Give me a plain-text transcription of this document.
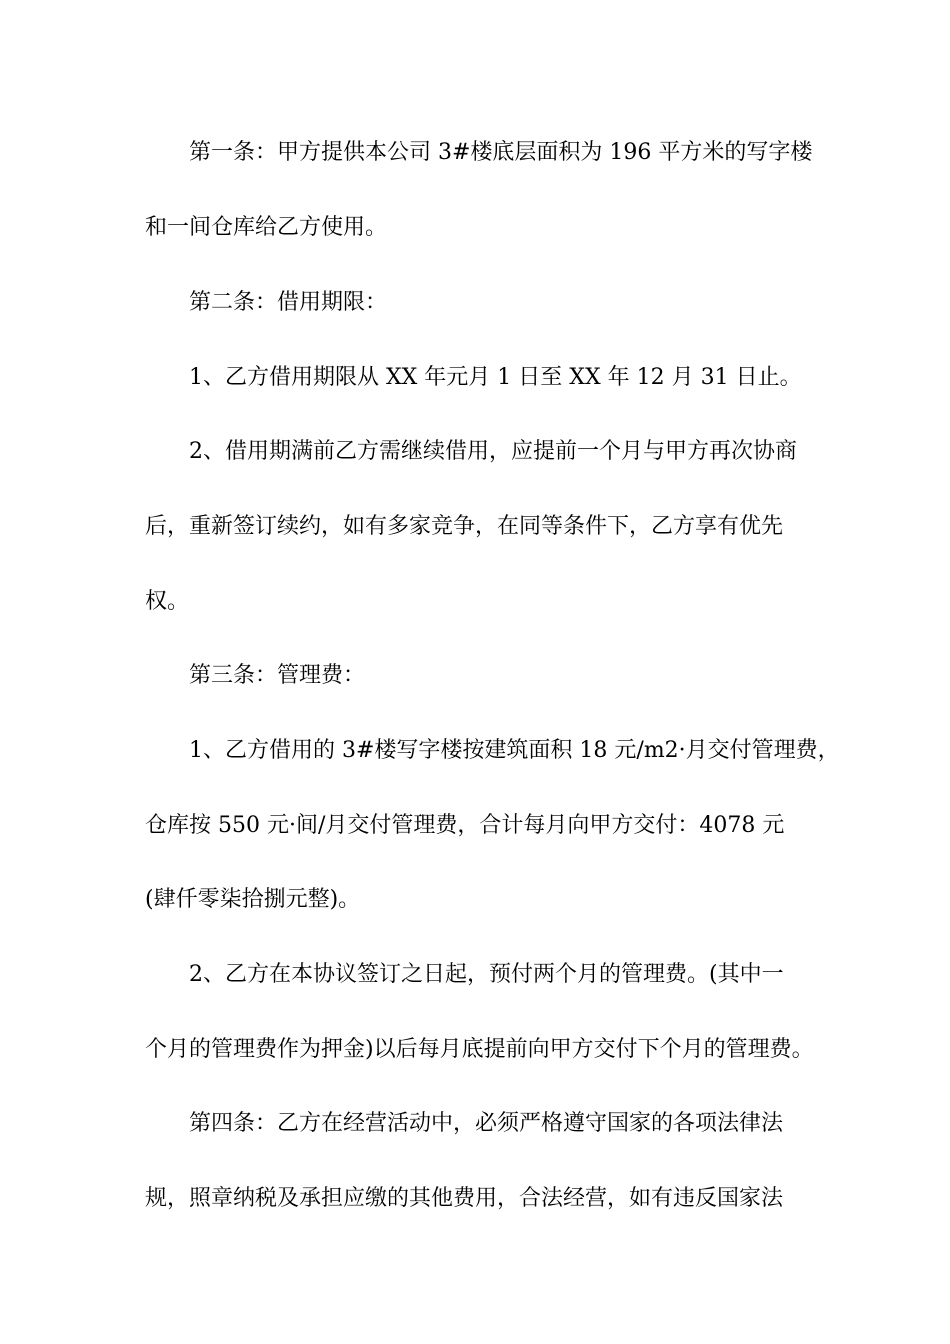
第一条：甲方提供本公司 3#楼底层面积为 196 平方米的写字楼
和一间仓库给乙方使用。
第二条：借用期限：
1、乙方借用期限从 XX 年元月 1 日至 XX 年 12 月 31 日止。
2、借用期满前乙方需继续借用，应提前一个月与甲方再次协商
后，重新签订续约，如有多家竞争，在同等条件下，乙方享有优先
权。
第三条：管理费：
1、乙方借用的 3#楼写字楼按建筑面积 18 元/m2·月交付管理费，
仓库按 550 元·间/月交付管理费，合计每月向甲方交付：4078 元
(肆仟零柒拾捌元整)。
2、乙方在本协议签订之日起，预付两个月的管理费。(其中一
个月的管理费作为押金)以后每月底提前向甲方交付下个月的管理费。
第四条：乙方在经营活动中，必须严格遵守国家的各项法律法
规，照章纳税及承担应缴的其他费用，合法经营，如有违反国家法
